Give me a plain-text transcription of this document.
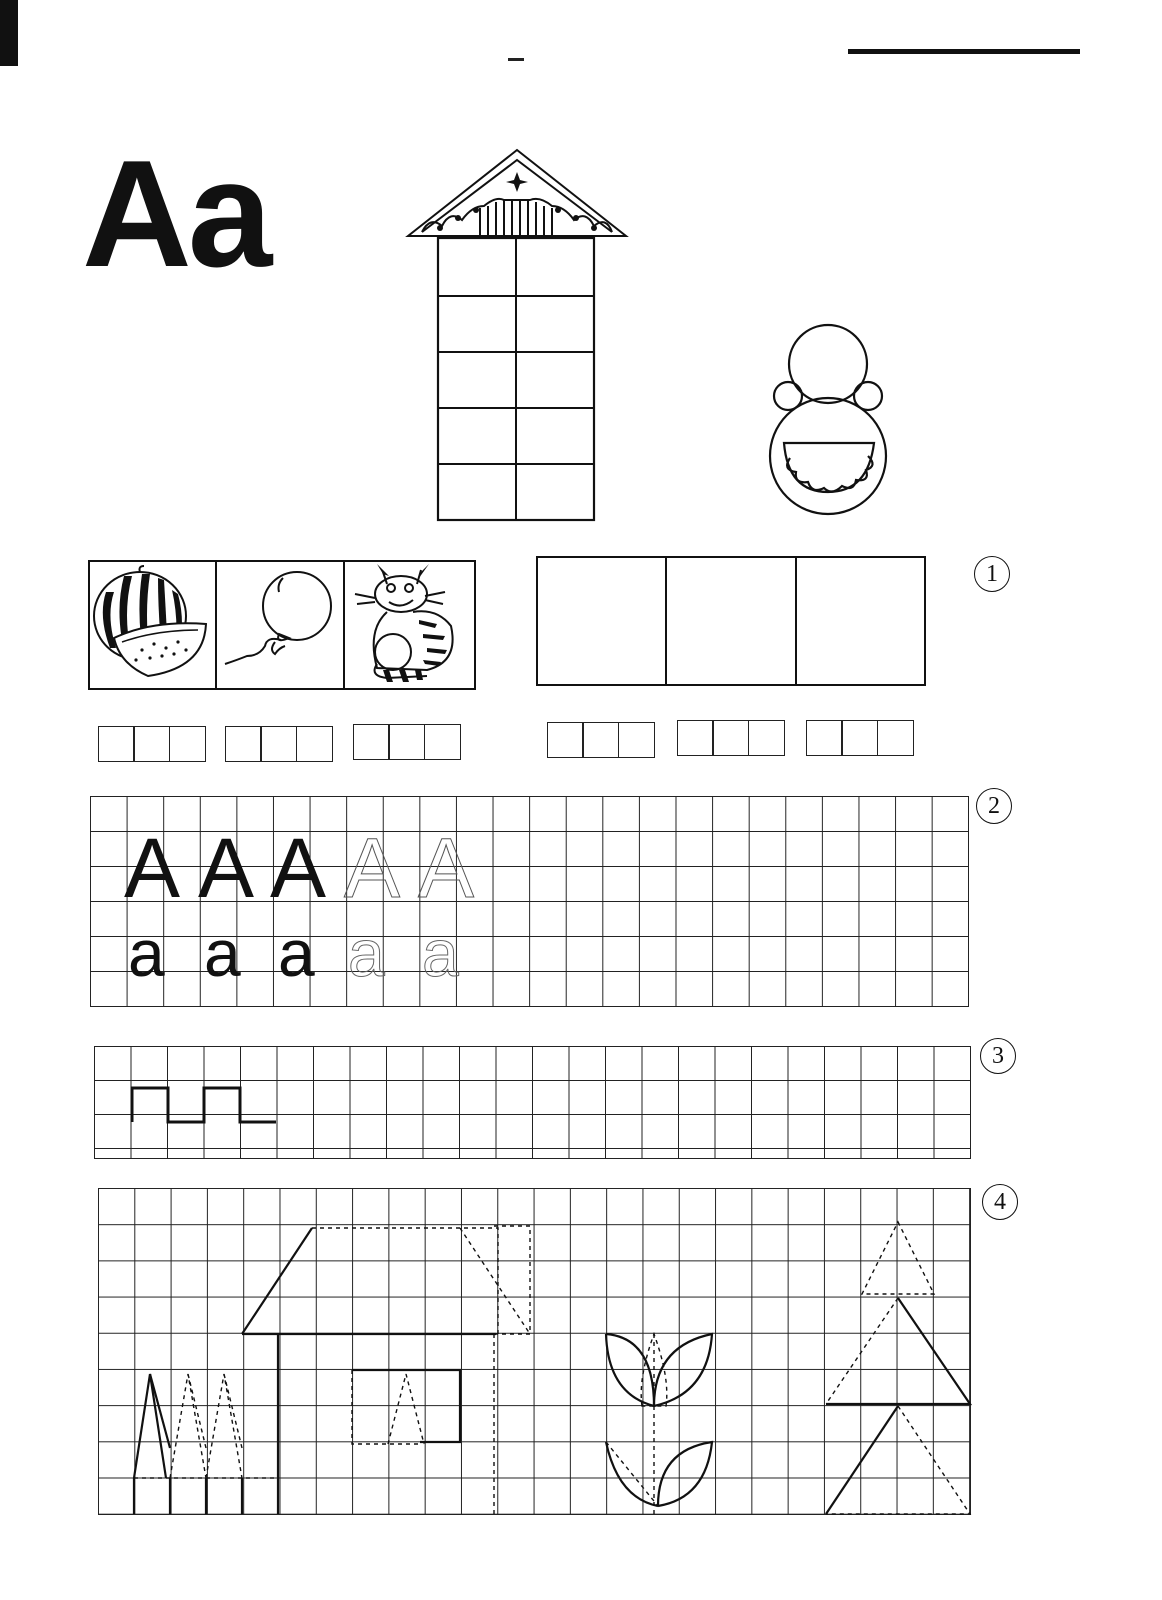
Aa
1
2
A A A A A
a a a a a
3
4
